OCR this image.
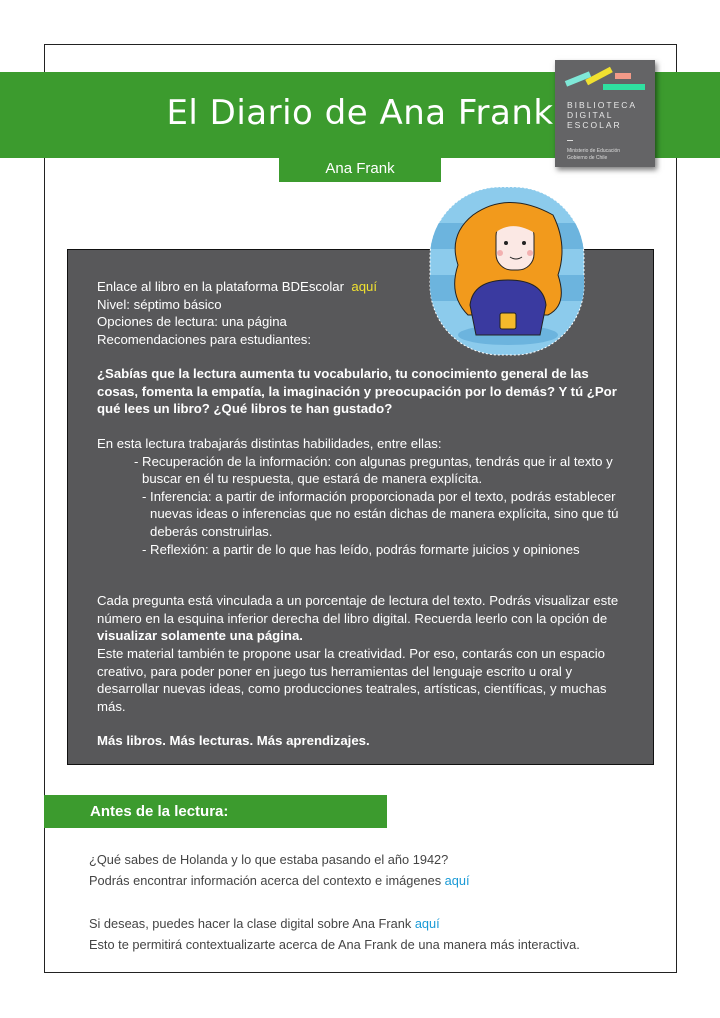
El Diario de Ana Frank
Ana Frank
BIBLIOTECA
DIGITAL
ESCOLAR
Ministerio de Educación
Gobierno de Chile
Enlace al libro en la plataforma BDEscolar aquí
Nivel: séptimo básico
Opciones de lectura: una página
Recomendaciones para estudiantes:
¿Sabías que la lectura aumenta tu vocabulario, tu conocimiento general de las cosas, fomenta la empatía, la imaginación y preocupación por lo demás? Y tú ¿Por qué lees un libro? ¿Qué libros te han gustado?
En esta lectura trabajarás distintas habilidades, entre ellas:
- Recuperación de la información: con algunas preguntas, tendrás que ir al texto y buscar en él tu respuesta, que estará de manera explícita.
- Inferencia: a partir de información proporcionada por el texto, podrás establecer nuevas ideas o inferencias que no están dichas de manera explícita, sino que tú deberás construirlas.
- Reflexión: a partir de lo que has leído, podrás formarte juicios y opiniones
Cada pregunta está vinculada a un porcentaje de lectura del texto. Podrás visualizar este número en la esquina inferior derecha del libro digital. Recuerda leerlo con la opción de visualizar solamente una página.
Este material también te propone usar la creatividad. Por eso, contarás con un espacio creativo, para poder poner en juego tus herramientas del lenguaje escrito u oral y desarrollar nuevas ideas, como producciones teatrales, artísticas, científicas, y muchas más.
Más libros. Más lecturas. Más aprendizajes.
Antes de la lectura:
¿Qué sabes de Holanda y lo que estaba pasando el año 1942?
Podrás encontrar información acerca del contexto e imágenes aquí
Si deseas, puedes hacer la clase digital sobre Ana Frank aquí
Esto te permitirá contextualizarte acerca de Ana Frank de una manera más interactiva.
